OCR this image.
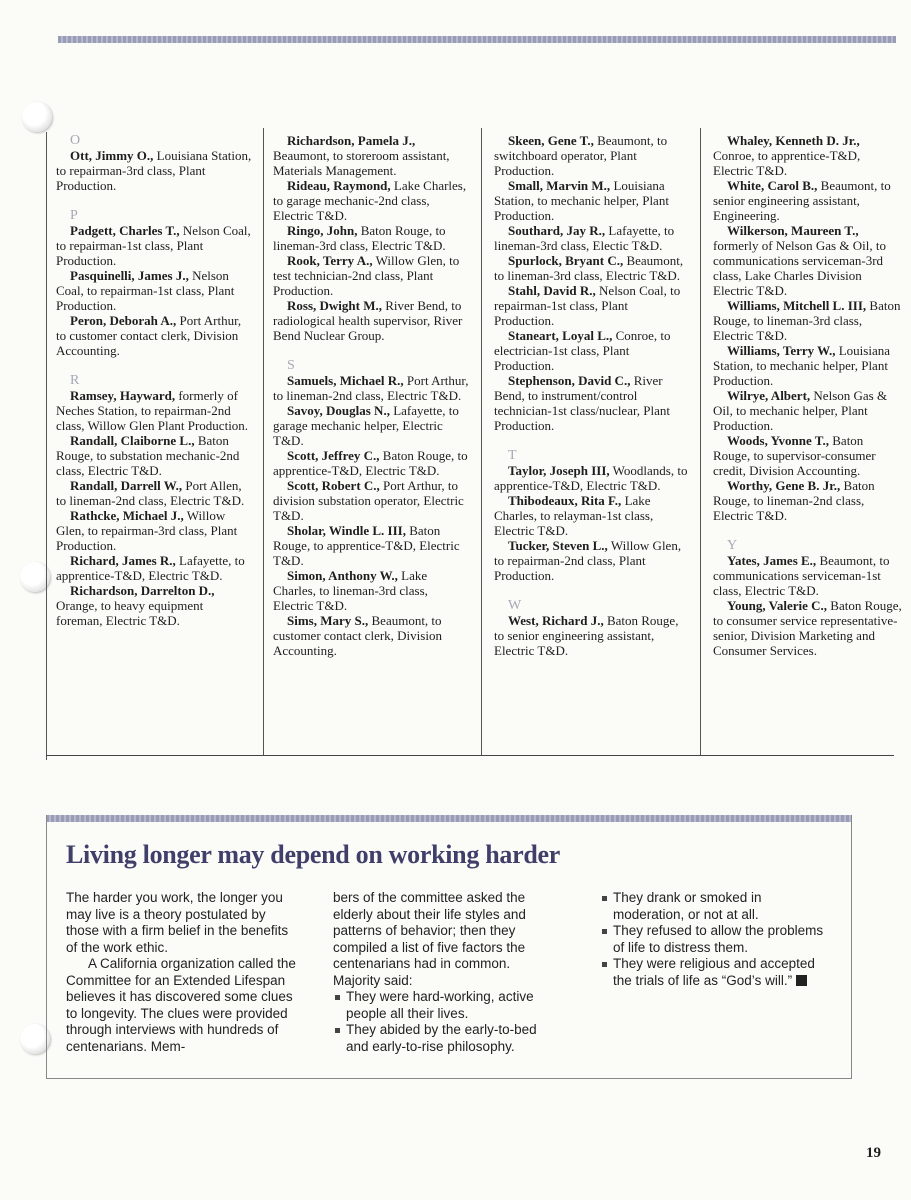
O

Ott, Jimmy O., Louisiana Station, to repairman-3rd class, Plant Production.

P

Padgett, Charles T., Nelson Coal, to repairman-1st class, Plant Production.

Pasquinelli, James J., Nelson Coal, to repairman-1st class, Plant Production.

Peron, Deborah A., Port Arthur, to customer contact clerk, Division Accounting.

R

Ramsey, Hayward, formerly of Neches Station, to repairman-2nd class, Willow Glen Plant Production.

Randall, Claiborne L., Baton Rouge, to substation mechanic-2nd class, Electric T&D.

Randall, Darrell W., Port Allen, to lineman-2nd class, Electric T&D.

Rathcke, Michael J., Willow Glen, to repairman-3rd class, Plant Production.

Richard, James R., Lafayette, to apprentice-T&D, Electric T&D.

Richardson, Darrelton D., Orange, to heavy equipment foreman, Electric T&D.

Richardson, Pamela J., Beaumont, to storeroom assistant, Materials Management.

Rideau, Raymond, Lake Charles, to garage mechanic-2nd class, Electric T&D.

Ringo, John, Baton Rouge, to lineman-3rd class, Electric T&D.

Rook, Terry A., Willow Glen, to test technician-2nd class, Plant Production.

Ross, Dwight M., River Bend, to radiological health supervisor, River Bend Nuclear Group.

S

Samuels, Michael R., Port Arthur, to lineman-2nd class, Electric T&D.

Savoy, Douglas N., Lafayette, to garage mechanic helper, Electric T&D.

Scott, Jeffrey C., Baton Rouge, to apprentice-T&D, Electric T&D.

Scott, Robert C., Port Arthur, to division substation operator, Electric T&D.

Sholar, Windle L. III, Baton Rouge, to apprentice-T&D, Electric T&D.

Simon, Anthony W., Lake Charles, to lineman-3rd class, Electric T&D.

Sims, Mary S., Beaumont, to customer contact clerk, Division Accounting.

Skeen, Gene T., Beaumont, to switchboard operator, Plant Production.

Small, Marvin M., Louisiana Station, to mechanic helper, Plant Production.

Southard, Jay R., Lafayette, to lineman-3rd class, Electic T&D.

Spurlock, Bryant C., Beaumont, to lineman-3rd class, Electric T&D.

Stahl, David R., Nelson Coal, to repairman-1st class, Plant Production.

Staneart, Loyal L., Conroe, to electrician-1st class, Plant Production.

Stephenson, David C., River Bend, to instrument/control technician-1st class/nuclear, Plant Production.

T

Taylor, Joseph III, Woodlands, to apprentice-T&D, Electric T&D.

Thibodeaux, Rita F., Lake Charles, to relayman-1st class, Electric T&D.

Tucker, Steven L., Willow Glen, to repairman-2nd class, Plant Production.

W

West, Richard J., Baton Rouge, to senior engineering assistant, Electric T&D.

Whaley, Kenneth D. Jr., Conroe, to apprentice-T&D, Electric T&D.

White, Carol B., Beaumont, to senior engineering assistant, Engineering.

Wilkerson, Maureen T., formerly of Nelson Gas & Oil, to communications serviceman-3rd class, Lake Charles Division Electric T&D.

Williams, Mitchell L. III, Baton Rouge, to lineman-3rd class, Electric T&D.

Williams, Terry W., Louisiana Station, to mechanic helper, Plant Production.

Wilrye, Albert, Nelson Gas & Oil, to mechanic helper, Plant Production.

Woods, Yvonne T., Baton Rouge, to supervisor-consumer credit, Division Accounting.

Worthy, Gene B. Jr., Baton Rouge, to lineman-2nd class, Electric T&D.

Y

Yates, James E., Beaumont, to communications serviceman-1st class, Electric T&D.

Young, Valerie C., Baton Rouge, to consumer service representative-senior, Division Marketing and Consumer Services.

Living longer may depend on working harder

The harder you work, the longer you may live is a theory postulated by those with a firm belief in the benefits of the work ethic.

A California organization called the Committee for an Extended Lifespan believes it has discovered some clues to longevity. The clues were provided through interviews with hundreds of centenarians. Mem-

bers of the committee asked the elderly about their life styles and patterns of behavior; then they compiled a list of five factors the centenarians had in common.

Majority said:

They were hard-working, active people all their lives.
They abided by the early-to-bed and early-to-rise philosophy.
They drank or smoked in moderation, or not at all.
They refused to allow the problems of life to distress them.
They were religious and accepted the trials of life as “God’s will.”
19
